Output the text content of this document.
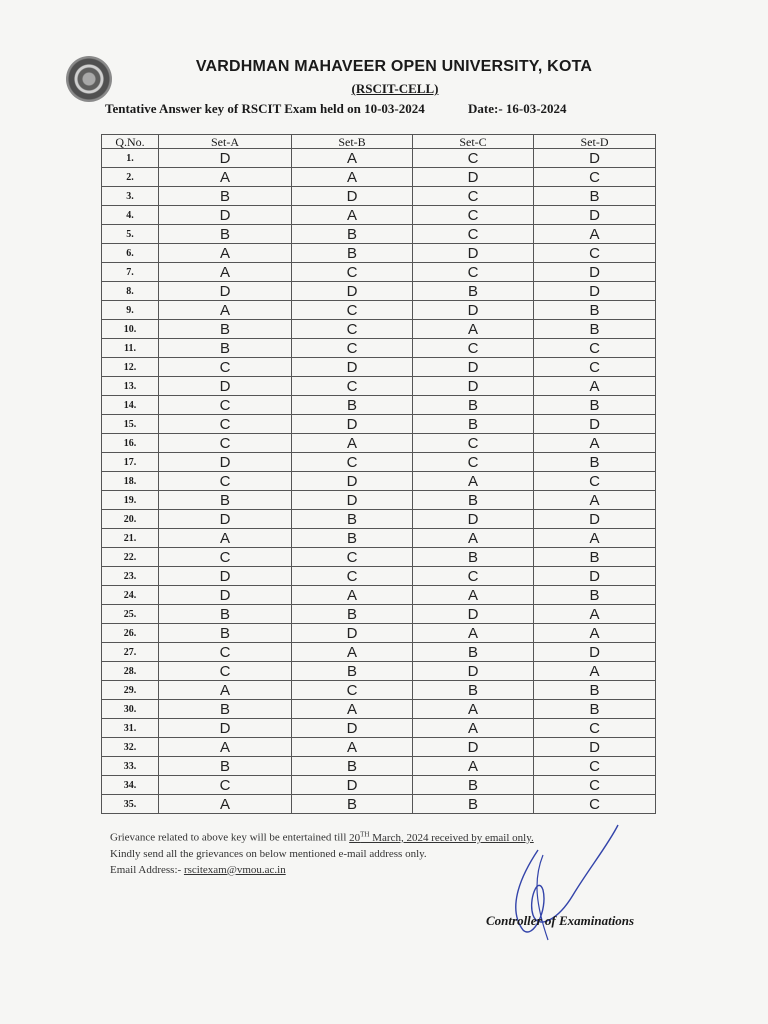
VARDHMAN MAHAVEER OPEN UNIVERSITY, KOTA
(RSCIT-CELL)
Tentative Answer key of RSCIT Exam held on 10-03-2024	Date:- 16-03-2024
Q.No.	Set-A	Set-B	Set-C	Set-D
1.	D	A	C	D
2.	A	A	D	C
3.	B	D	C	B
4.	D	A	C	D
5.	B	B	C	A
6.	A	B	D	C
7.	A	C	C	D
8.	D	D	B	D
9.	A	C	D	B
10.	B	C	A	B
11.	B	C	C	C
12.	C	D	D	C
13.	D	C	D	A
14.	C	B	B	B
15.	C	D	B	D
16.	C	A	C	A
17.	D	C	C	B
18.	C	D	A	C
19.	B	D	B	A
20.	D	B	D	D
21.	A	B	A	A
22.	C	C	B	B
23.	D	C	C	D
24.	D	A	A	B
25.	B	B	D	A
26.	B	D	A	A
27.	C	A	B	D
28.	C	B	D	A
29.	A	C	B	B
30.	B	A	A	B
31.	D	D	A	C
32.	A	A	D	D
33.	B	B	A	C
34.	C	D	B	C
35.	A	B	B	C
Grievance related to above key will be entertained till 20TH March, 2024 received by email only.
Kindly send all the grievances on below mentioned e-mail address only.
Email Address:- rscitexam@vmou.ac.in
Controller of Examinations
